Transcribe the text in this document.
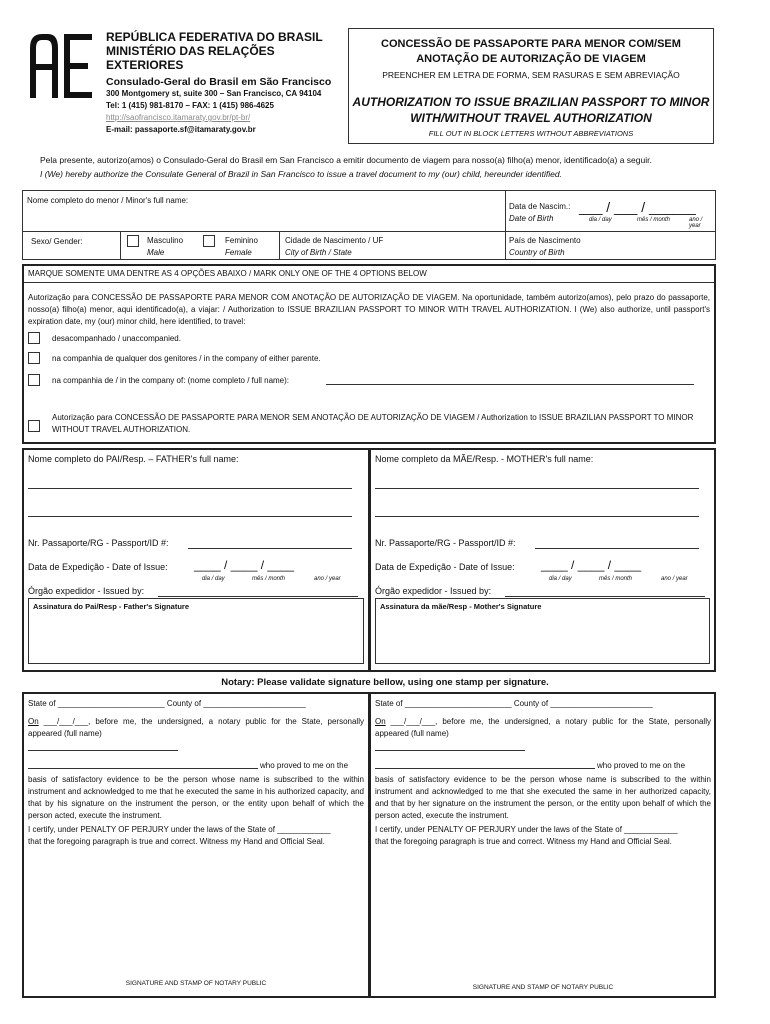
REPÚBLICA FEDERATIVA DO BRASIL
MINISTÉRIO DAS RELAÇÕES EXTERIORES
Consulado-Geral do Brasil em São Francisco
300 Montgomery st, suite 300 – San Francisco, CA 94104
Tel: 1 (415) 981-8170 – FAX: 1 (415) 986-4625
http://saofrancisco.itamaraty.gov.br/pt-br/
E-mail: passaporte.sf@itamaraty.gov.br
CONCESSÃO DE PASSAPORTE PARA MENOR COM/SEM ANOTAÇÃO DE AUTORIZAÇÃO DE VIAGEM
PREENCHER EM LETRA DE FORMA, SEM RASURAS E SEM ABREVIAÇÃO
AUTHORIZATION TO ISSUE BRAZILIAN PASSPORT TO MINOR WITH/WITHOUT TRAVEL AUTHORIZATION
FILL OUT IN BLOCK LETTERS WITHOUT ABBREVIATIONS
Pela presente, autorizo(amos) o Consulado-Geral do Brasil em San Francisco a emitir documento de viagem para nosso(a) filho(a) menor, identificado(a) a seguir.
I (We) hereby authorize the Consulate General of Brazil in San Francisco to issue a travel document to my (our) child, hereunder identified.
Nome completo do menor / Minor's full name:
Data de Nascim.:
Date of Birth
___ / ___ / ______
dia / day	mês / month	ano / year
Sexo/ Gender:	Masculino
Male
Feminino
Female
Cidade de Nascimento / UF
City of Birth / State
País de Nascimento
Country of Birth
MARQUE SOMENTE UMA DENTRE AS 4 OPÇÕES ABAIXO / MARK ONLY ONE OF THE 4 OPTIONS BELOW
Autorização para CONCESSÃO DE PASSAPORTE PARA MENOR COM ANOTAÇÃO DE AUTORIZAÇÃO DE VIAGEM. Na oportunidade, também autorizo(amos), pelo prazo do passaporte, nosso(a) filho(a) menor, aqui identificado(a), a viajar: / Authorization to ISSUE BRAZILIAN PASSPORT TO MINOR WITH TRAVEL AUTHORIZATION. I (We) also authorize, until passport's expiration date, my (our) minor child, here identified, to travel:
desacompanhado / unaccompanied.
na companhia de qualquer dos genitores / in the company of either parente.
na companhia de / in the company of: (nome completo / full name):
Autorização para CONCESSÃO DE PASSAPORTE PARA MENOR SEM ANOTAÇÃO DE AUTORIZAÇÃO DE VIAGEM / Authorization to ISSUE BRAZILIAN PASSPORT TO MINOR WITHOUT TRAVEL AUTHORIZATION.
Nome completo do PAI/Resp. – FATHER's full name:
Nr. Passaporte/RG - Passport/ID #:
Data de Expedição - Date of Issue: ____ / ____ / ____
dia / day	mês / month	ano / year
Órgão expedidor - Issued by:
Assinatura do Pai/Resp - Father's Signature
Nome completo da MÃE/Resp. - MOTHER's full name:
Nr. Passaporte/RG - Passport/ID #:
Data de Expedição - Date of Issue: ____ / ____ / ____
dia / day	mês / month	ano / year
Órgão expedidor - Issued by:
Assinatura da mãe/Resp - Mother's Signature
Notary: Please validate signature bellow, using one stamp per signature.
State of ________________________ County of _______________________
On ___/___/___, before me, the undersigned, a notary public for the State, personally appeared (full name)
who proved to me on the
basis of satisfactory evidence to be the person whose name is subscribed to the within instrument and acknowledged to me that he executed the same in his authorized capacity, and that by his signature on the instrument the person, or the entity upon behalf of which the person acted, execute the instrument.
I certify, under PENALTY OF PERJURY under the laws of the State of ____________
that the foregoing paragraph is true and correct. Witness my Hand and Official Seal.
SIGNATURE AND STAMP OF NOTARY PUBLIC
State of ________________________ County of _______________________
On ___/___/___, before me, the undersigned, a notary public for the State, personally appeared (full name)
who proved to me on the
basis of satisfactory evidence to be the person whose name is subscribed to the within instrument and acknowledged to me that she executed the same in her authorized capacity, and that by her signature on the instrument the person, or the entity upon behalf of which the person acted, execute the instrument.
I certify, under PENALTY OF PERJURY under the laws of the State of ____________
that the foregoing paragraph is true and correct. Witness my Hand and Official Seal.
SIGNATURE AND STAMP OF NOTARY PUBLIC
